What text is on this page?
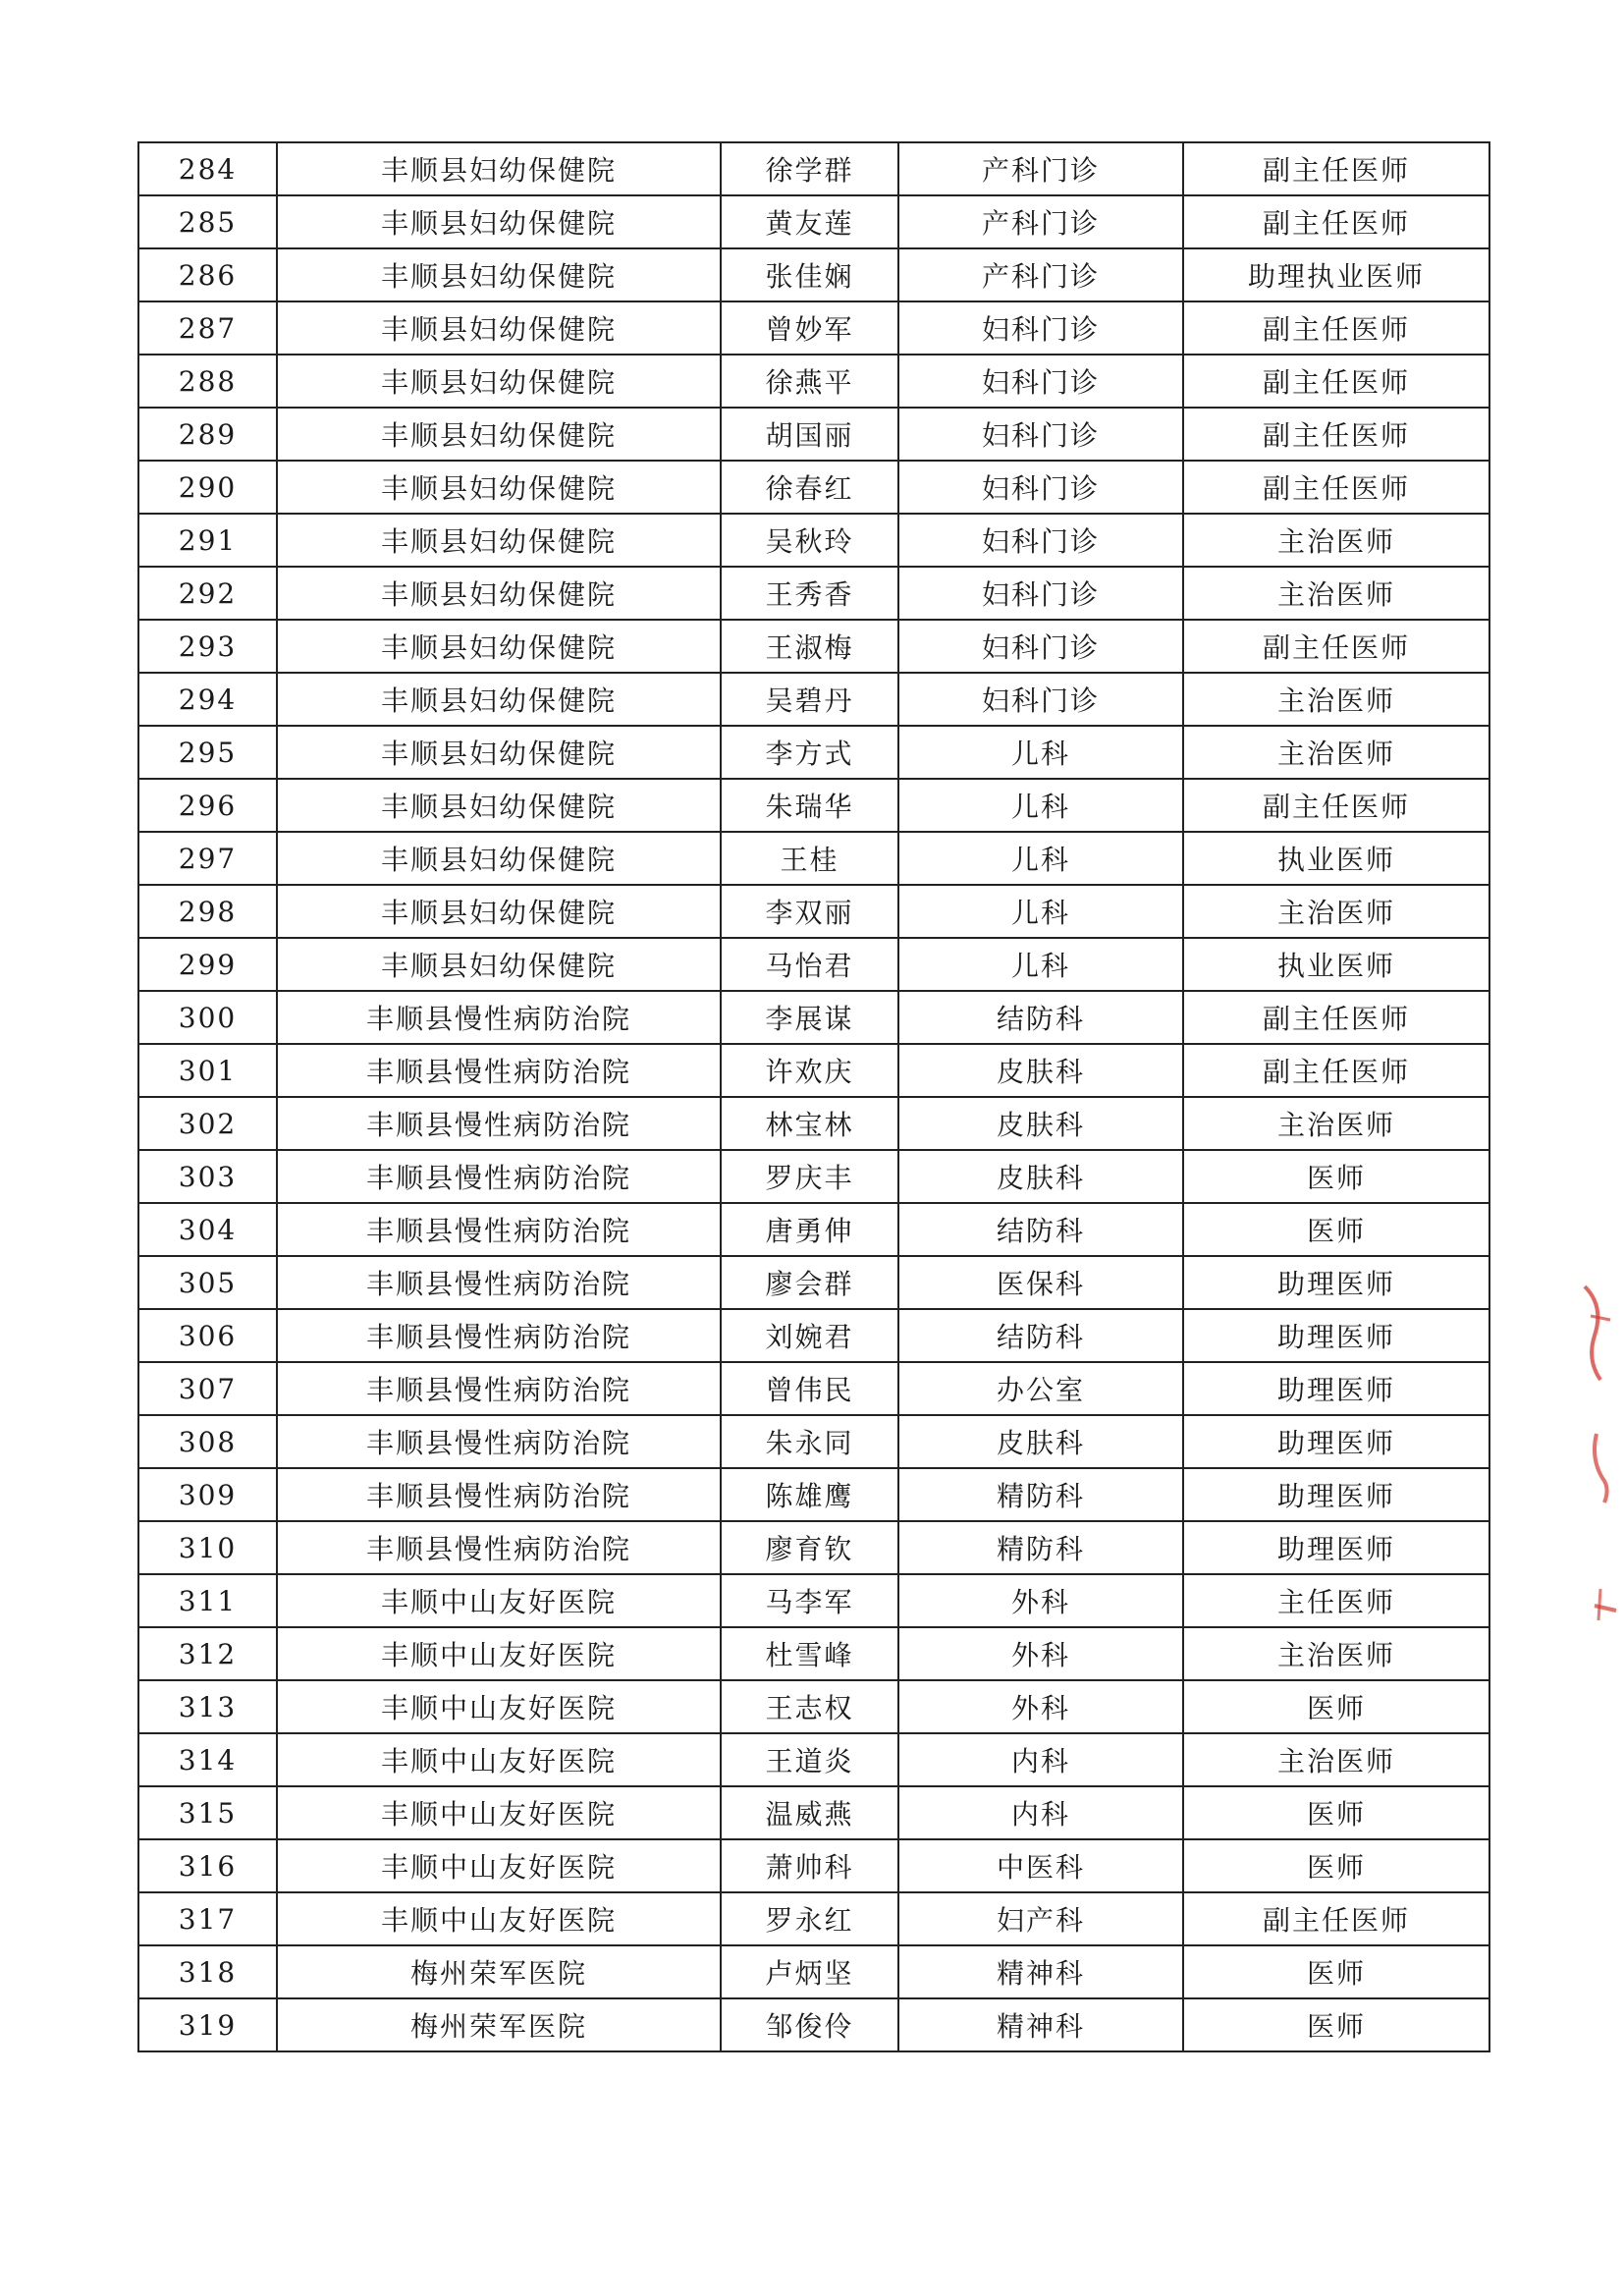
284	丰顺县妇幼保健院	徐学群	产科门诊	副主任医师
285	丰顺县妇幼保健院	黄友莲	产科门诊	副主任医师
286	丰顺县妇幼保健院	张佳娴	产科门诊	助理执业医师
287	丰顺县妇幼保健院	曾妙军	妇科门诊	副主任医师
288	丰顺县妇幼保健院	徐燕平	妇科门诊	副主任医师
289	丰顺县妇幼保健院	胡国丽	妇科门诊	副主任医师
290	丰顺县妇幼保健院	徐春红	妇科门诊	副主任医师
291	丰顺县妇幼保健院	吴秋玲	妇科门诊	主治医师
292	丰顺县妇幼保健院	王秀香	妇科门诊	主治医师
293	丰顺县妇幼保健院	王淑梅	妇科门诊	副主任医师
294	丰顺县妇幼保健院	吴碧丹	妇科门诊	主治医师
295	丰顺县妇幼保健院	李方式	儿科	主治医师
296	丰顺县妇幼保健院	朱瑞华	儿科	副主任医师
297	丰顺县妇幼保健院	王桂	儿科	执业医师
298	丰顺县妇幼保健院	李双丽	儿科	主治医师
299	丰顺县妇幼保健院	马怡君	儿科	执业医师
300	丰顺县慢性病防治院	李展谋	结防科	副主任医师
301	丰顺县慢性病防治院	许欢庆	皮肤科	副主任医师
302	丰顺县慢性病防治院	林宝林	皮肤科	主治医师
303	丰顺县慢性病防治院	罗庆丰	皮肤科	医师
304	丰顺县慢性病防治院	唐勇伸	结防科	医师
305	丰顺县慢性病防治院	廖会群	医保科	助理医师
306	丰顺县慢性病防治院	刘婉君	结防科	助理医师
307	丰顺县慢性病防治院	曾伟民	办公室	助理医师
308	丰顺县慢性病防治院	朱永同	皮肤科	助理医师
309	丰顺县慢性病防治院	陈雄鹰	精防科	助理医师
310	丰顺县慢性病防治院	廖育钦	精防科	助理医师
311	丰顺中山友好医院	马李军	外科	主任医师
312	丰顺中山友好医院	杜雪峰	外科	主治医师
313	丰顺中山友好医院	王志权	外科	医师
314	丰顺中山友好医院	王道炎	内科	主治医师
315	丰顺中山友好医院	温威燕	内科	医师
316	丰顺中山友好医院	萧帅科	中医科	医师
317	丰顺中山友好医院	罗永红	妇产科	副主任医师
318	梅州荣军医院	卢炳坚	精神科	医师
319	梅州荣军医院	邹俊伶	精神科	医师
